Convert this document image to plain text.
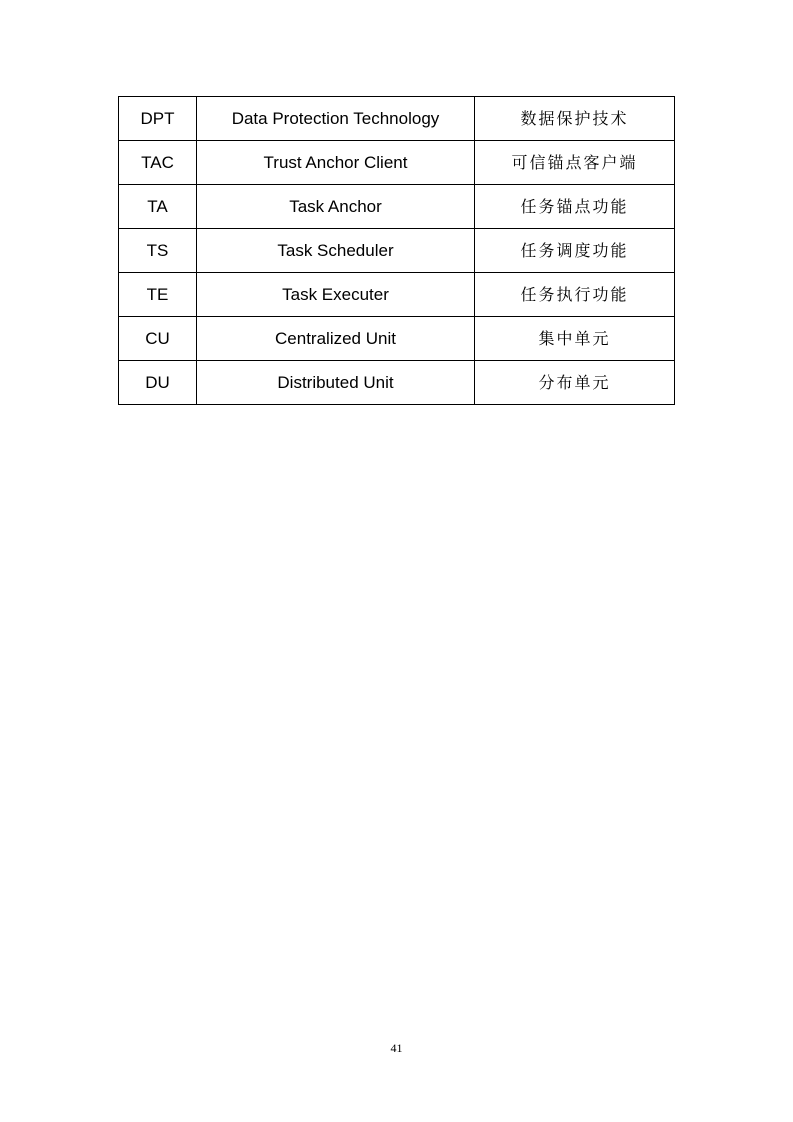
DPT	Data Protection Technology	数据保护技术
TAC	Trust Anchor Client	可信锚点客户端
TA	Task Anchor	任务锚点功能
TS	Task Scheduler	任务调度功能
TE	Task Executer	任务执行功能
CU	Centralized Unit	集中单元
DU	Distributed Unit	分布单元
41
